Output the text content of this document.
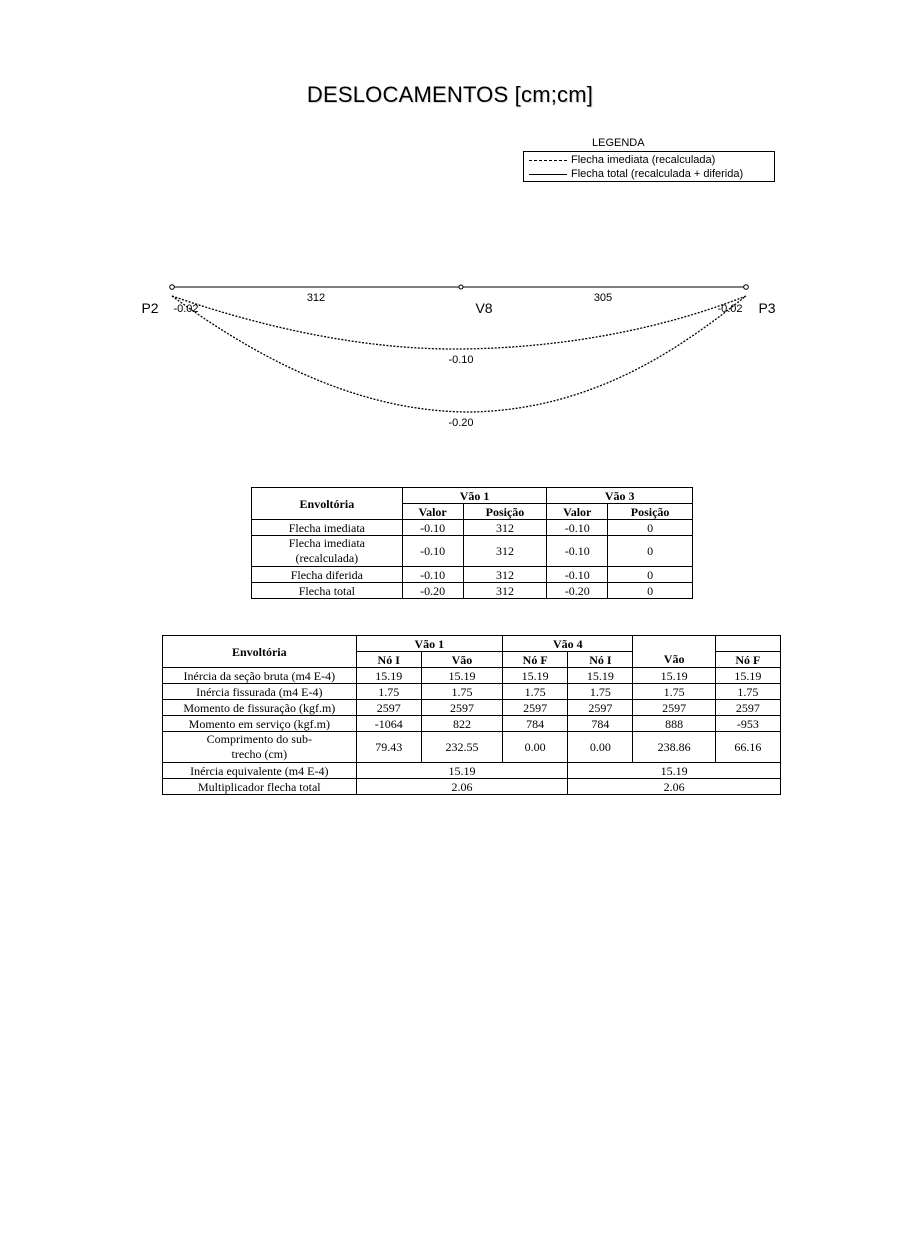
DESLOCAMENTOS [cm;cm]
LEGENDA
Flecha imediata (recalculada)
Flecha total (recalculada + diferida)
P2	P3
V8
312	305
-0.02	-0.02
-0.10
-0.20
Envoltória	Vão 1		Vão 3	
	Valor	Posição	Valor	Posição
Flecha imediata	-0.10	312	-0.10	0

Flecha imediata (recalculada)	-0.10	312	-0.10	0
Flecha diferida	-0.10	312	-0.10	0
Flecha total	-0.20	312	-0.20	0
Envoltória	Vão 1		Vão 4			
	Nó I	Vão	Nó F	Nó I	Vão	Nó F
Inércia da seção bruta (m4 E-4)	15.19	15.19	15.19	15.19	15.19	15.19
Inércia fissurada (m4 E-4)	1.75	1.75	1.75	1.75	1.75	1.75
Momento de fissuração (kgf.m)	2597	2597	2597	2597	2597	2597
Momento em serviço (kgf.m)	-1064	822	784	784	888	-953

Comprimento do sub-trecho (cm)	79.43	232.55	0.00	0.00	238.86	66.16
Inércia equivalente (m4 E-4)	15.19			15.19		
Multiplicador flecha total	2.06			2.06		
